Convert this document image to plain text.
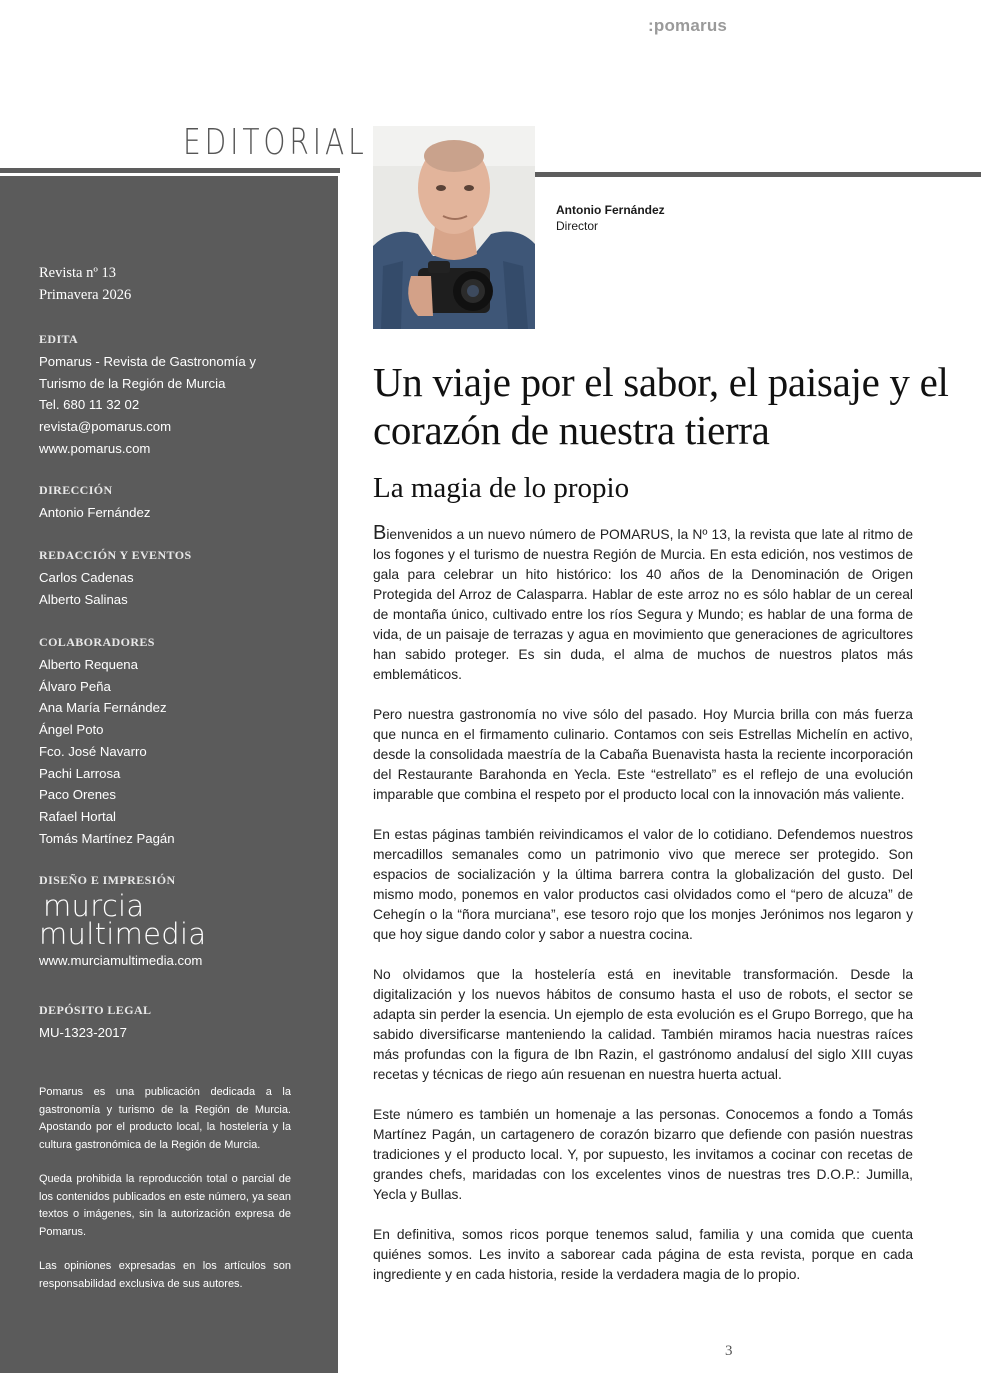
:pomarus
EDITORIAL
Revista nº 13
Primavera 2026
EDITA
Pomarus - Revista de Gastronomía y
Turismo de la Región de Murcia
Tel. 680 11 32 02
revista@pomarus.com
www.pomarus.com
DIRECCIÓN
Antonio Fernández
REDACCIÓN Y EVENTOS
Carlos Cadenas
Alberto Salinas
COLABORADORES
Alberto Requena
Álvaro Peña
Ana María Fernández
Ángel Poto
Fco. José Navarro
Pachi Larrosa
Paco Orenes
Rafael Hortal
Tomás Martínez Pagán
DISEÑO E IMPRESIÓN
murcia
multimedia
www.murciamultimedia.com
DEPÓSITO LEGAL
MU-1323-2017
Pomarus es una publicación dedicada a la gastronomía y turismo de la Región de Murcia. Apostando por el producto local, la hostelería y la cultura gastronómica de la Región de Murcia.
Queda prohibida la reproducción total o parcial de los contenidos publicados en este número, ya sean textos o imágenes, sin la autorización expresa de Pomarus.
Las opiniones expresadas en los artículos son responsabilidad exclusiva de sus autores.
Antonio Fernández
Director
Un viaje por el sabor, el paisaje y el corazón de nuestra tierra
La magia de lo propio

Bienvenidos a un nuevo número de POMARUS, la Nº 13, la revista que late al ritmo de los fogones y el turismo de nuestra Región de Murcia. En esta edición, nos vestimos de gala para celebrar un hito histórico: los 40 años de la Denominación de Origen Protegida del Arroz de Calasparra. Hablar de este arroz no es sólo hablar de un cereal de montaña único, cultivado entre los ríos Segura y Mundo; es hablar de una forma de vida, de un paisaje de terrazas y agua en movimiento que generaciones de agricultores han sabido proteger. Es sin duda, el alma de muchos de nuestros platos más emblemáticos.

Pero nuestra gastronomía no vive sólo del pasado. Hoy Murcia brilla con más fuerza que nunca en el firmamento culinario. Contamos con seis Estrellas Michelín en activo, desde la consolidada maestría de la Cabaña Buenavista hasta la reciente incorporación del Restaurante Barahonda en Yecla. Este “estrellato” es el reflejo de una evolución imparable que combina el respeto por el producto local con la innovación más valiente.

En estas páginas también reivindicamos el valor de lo cotidiano. Defendemos nuestros mercadillos semanales como un patrimonio vivo que merece ser protegido. Son espacios de socialización y la última barrera contra la globalización del gusto. Del mismo modo, ponemos en valor productos casi olvidados como el “pero de alcuza” de Cehegín o la “ñora murciana”, ese tesoro rojo que los monjes Jerónimos nos legaron y que hoy sigue dando color y sabor a nuestra cocina.

No olvidamos que la hostelería está en inevitable transformación. Desde la digitalización y los nuevos hábitos de consumo hasta el uso de robots, el sector se adapta sin perder la esencia. Un ejemplo de esta evolución es el Grupo Borrego, que ha sabido diversificarse manteniendo la calidad. También miramos hacia nuestras raíces más profundas con la figura de Ibn Razin, el gastrónomo andalusí del siglo XIII cuyas recetas y técnicas de riego aún resuenan en nuestra huerta actual.

Este número es también un homenaje a las personas. Conocemos a fondo a Tomás Martínez Pagán, un cartagenero de corazón bizarro que defiende con pasión nuestras tradiciones y el producto local. Y, por supuesto, les invitamos a cocinar con recetas de grandes chefs, maridadas con los excelentes vinos de nuestras tres D.O.P.: Jumilla, Yecla y Bullas.

En definitiva, somos ricos porque tenemos salud, familia y una comida que cuenta quiénes somos. Les invito a saborear cada página de esta revista, porque en cada ingrediente y en cada historia, reside la verdadera magia de lo propio.

3
